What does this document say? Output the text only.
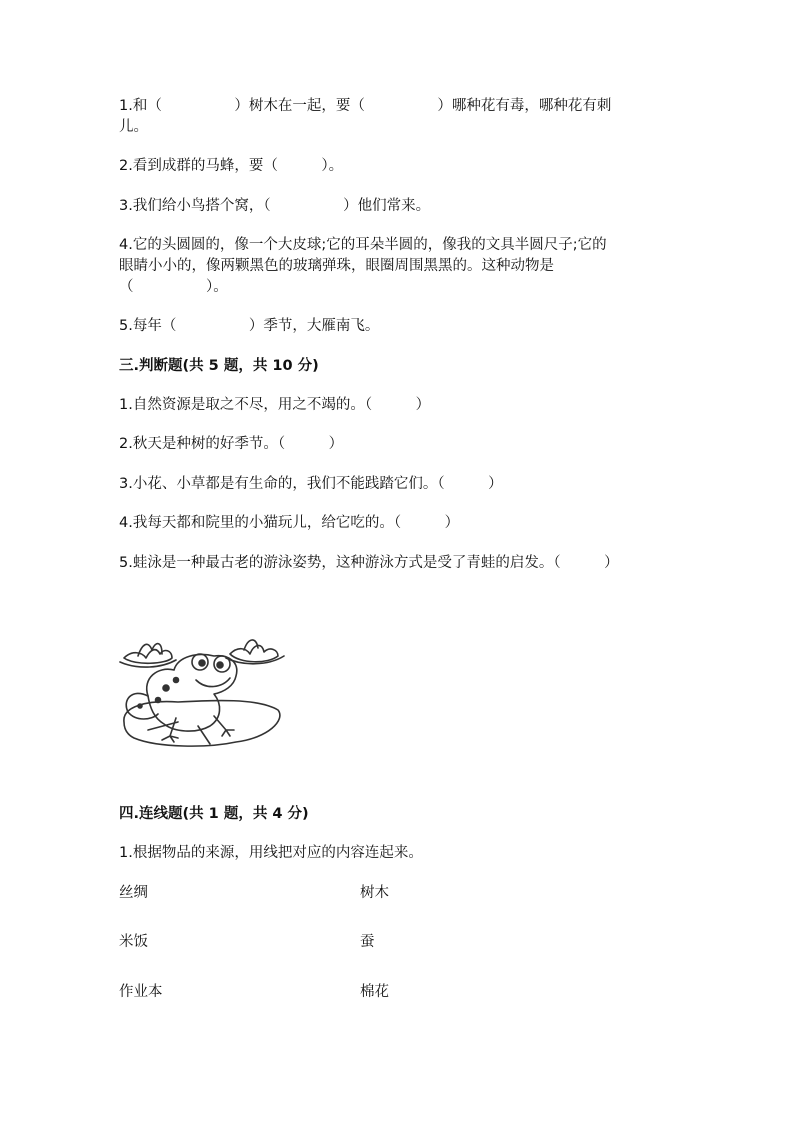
1.和（　　　　　）树木在一起，要（　　　　　）哪种花有毒，哪种花有刺
儿。
2.看到成群的马蜂，要（　　　）。
3.我们给小鸟搭个窝，（　　　　　）他们常来。
4.它的头圆圆的，像一个大皮球;它的耳朵半圆的，像我的文具半圆尺子;它的
眼睛小小的，像两颗黑色的玻璃弹珠，眼圈周围黑黑的。这种动物是
（　　　　　）。
5.每年（　　　　　）季节，大雁南飞。
三.判断题(共 5 题，共 10 分)
1.自然资源是取之不尽，用之不竭的。（　　　）
2.秋天是种树的好季节。（　　　）
3.小花、小草都是有生命的，我们不能践踏它们。（　　　）
4.我每天都和院里的小猫玩儿，给它吃的。（　　　）
5.蛙泳是一种最古老的游泳姿势，这种游泳方式是受了青蛙的启发。（　　　）
四.连线题(共 1 题，共 4 分)
1.根据物品的来源，用线把对应的内容连起来。
丝绸
米饭
作业本
树木
蚕
棉花
